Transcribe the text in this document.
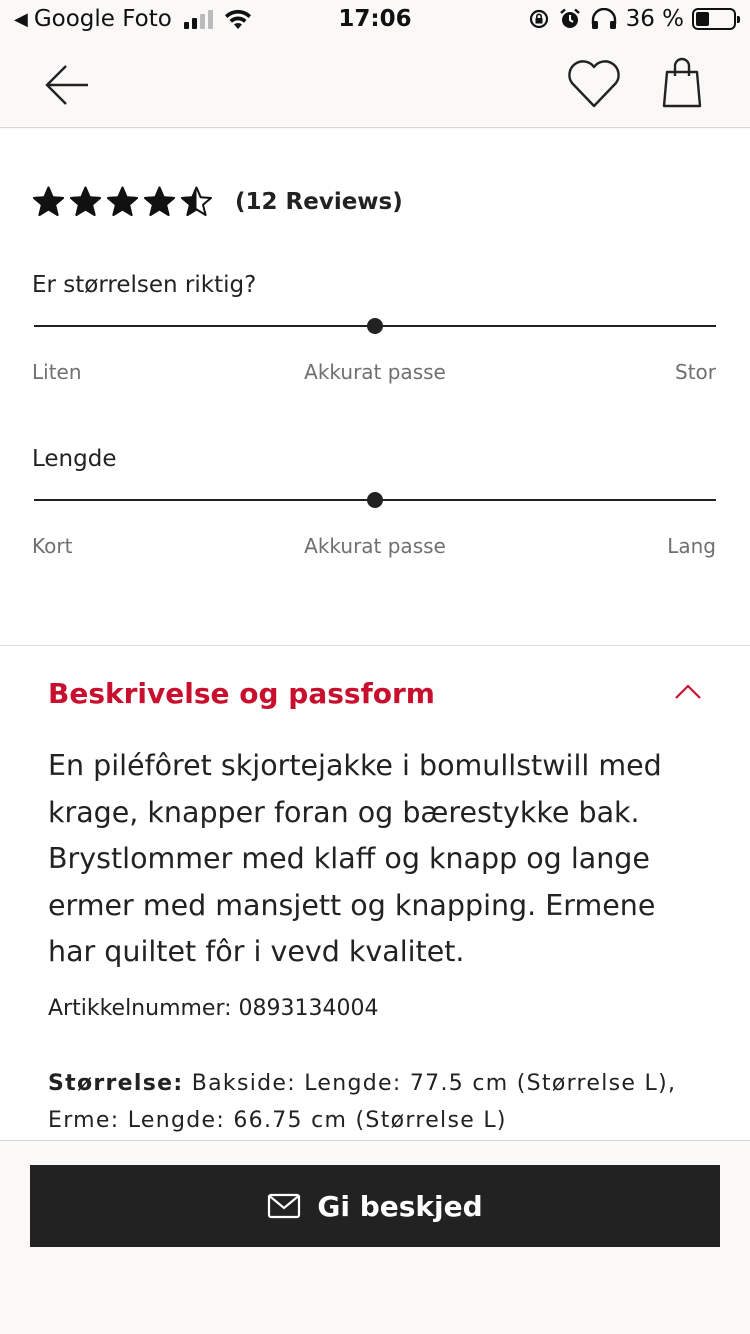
◀ Google Foto	17:06	36 %
(12 Reviews)
Er størrelsen riktig?
Liten	Akkurat passe	Stor
Lengde
Kort	Akkurat passe	Lang
Beskrivelse og passform

En piléfôret skjortejakke i bomullstwill med krage, knapper foran og bærestykke bak. Brystlommer med klaff og knapp og lange ermer med mansjett og knapping. Ermene har quiltet fôr i vevd kvalitet.

Artikkelnummer: 0893134004
Størrelse: Bakside: Lengde: 77.5 cm (Størrelse L), Erme: Lengde: 66.75 cm (Størrelse L)
Gi beskjed
